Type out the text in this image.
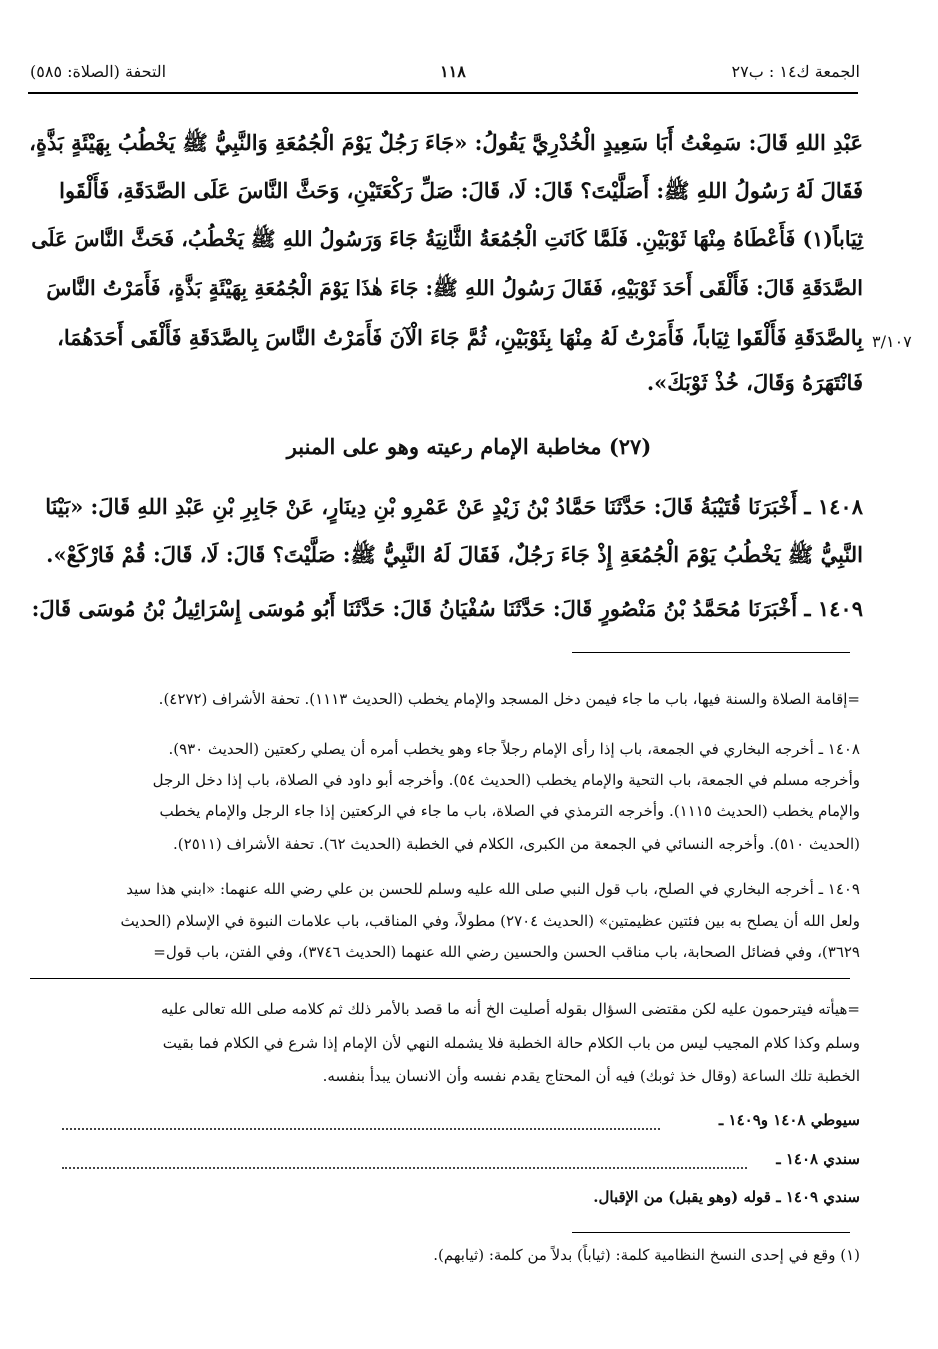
الجمعة ك١٤ : ب٢٧
١١٨
التحفة (الصلاة: ٥٨٥)
عَبْدِ اللهِ قَالَ: سَمِعْتُ أَبَا سَعِيدٍ الْخُدْرِيَّ يَقُولُ: «جَاءَ رَجُلٌ يَوْمَ الْجُمُعَةِ وَالنَّبِيُّ ﷺ يَخْطُبُ بِهَيْئَةٍ بَذَّةٍ،
فَقَالَ لَهُ رَسُولُ اللهِ ﷺ: أَصَلَّيْتَ؟ قَالَ: لَا، قَالَ: صَلِّ رَكْعَتَيْنِ، وَحَثَّ النَّاسَ عَلَى الصَّدَقَةِ، فَأَلْقَوا
ثِيَاباً(١) فَأَعْطَاهُ مِنْهَا ثَوْبَيْنِ. فَلَمَّا كَانَتِ الْجُمُعَةُ الثَّانِيَةُ جَاءَ وَرَسُولُ اللهِ ﷺ يَخْطُبُ، فَحَثَّ النَّاسَ عَلَى
الصَّدَقَةِ قَالَ: فَأَلْقَى أَحَدَ ثَوْبَيْهِ، فَقَالَ رَسُولُ اللهِ ﷺ: جَاءَ هٰذَا يَوْمَ الْجُمُعَةِ بِهَيْئَةٍ بَذَّةٍ، فَأَمَرْتُ النَّاسَ
بِالصَّدَقَةِ فَأَلْقَوا ثِيَاباً، فَأَمَرْتُ لَهُ مِنْهَا بِثَوْبَيْنِ، ثُمَّ جَاءَ الْآنَ فَأَمَرْتُ النَّاسَ بِالصَّدَقَةِ فَأَلْقَى أَحَدَهُمَا، ٣/١٠٧
فَانْتَهَرَهُ وَقَالَ، خُذْ ثَوْبَكَ».
(٢٧) مخاطبة الإمام رعيته وهو على المنبر
١٤٠٨ ـ أَخْبَرَنَا قُتَيْبَةُ قَالَ: حَدَّثَنَا حَمَّادُ بْنُ زَيْدٍ عَنْ عَمْرِو بْنِ دِينَارٍ، عَنْ جَابِرِ بْنِ عَبْدِ اللهِ قَالَ: «بَيْنَا
النَّبِيُّ ﷺ يَخْطُبُ يَوْمَ الْجُمُعَةِ إِذْ جَاءَ رَجُلٌ، فَقَالَ لَهُ النَّبِيُّ ﷺ: صَلَّيْتَ؟ قَالَ: لَا، قَالَ: قُمْ فَارْكَعْ».
١٤٠٩ ـ أَخْبَرَنَا مُحَمَّدُ بْنُ مَنْصُورٍ قَالَ: حَدَّثَنَا سُفْيَانُ قَالَ: حَدَّثَنَا أَبُو مُوسَى إِسْرَائِيلُ بْنُ مُوسَى قَالَ:
=إقامة الصلاة والسنة فيها، باب ما جاء فيمن دخل المسجد والإمام يخطب (الحديث ١١١٣). تحفة الأشراف (٤٢٧٢).
١٤٠٨ ـ أخرجه البخاري في الجمعة، باب إذا رأى الإمام رجلاً جاء وهو يخطب أمره أن يصلي ركعتين (الحديث ٩٣٠).
وأخرجه مسلم في الجمعة، باب التحية والإمام يخطب (الحديث ٥٤). وأخرجه أبو داود في الصلاة، باب إذا دخل الرجل
والإمام يخطب (الحديث ١١١٥). وأخرجه الترمذي في الصلاة، باب ما جاء في الركعتين إذا جاء الرجل والإمام يخطب
(الحديث ٥١٠). وأخرجه النسائي في الجمعة من الكبرى، الكلام في الخطبة (الحديث ٦٢). تحفة الأشراف (٢٥١١).
١٤٠٩ ـ أخرجه البخاري في الصلح، باب قول النبي صلى الله عليه وسلم للحسن بن علي رضي الله عنهما: «ابني هذا سيد
ولعل الله أن يصلح به بين فئتين عظيمتين» (الحديث ٢٧٠٤) مطولاً، وفي المناقب، باب علامات النبوة في الإسلام (الحديث
٣٦٢٩)، وفي فضائل الصحابة، باب مناقب الحسن والحسين رضي الله عنهما (الحديث ٣٧٤٦)، وفي الفتن، باب قول=
=هيأته فيترحمون عليه لكن مقتضى السؤال بقوله أصليت الخ أنه ما قصد بالأمر ذلك ثم كلامه صلى الله تعالى عليه
وسلم وكذا كلام المجيب ليس من باب الكلام حالة الخطبة فلا يشمله النهي لأن الإمام إذا شرع في الكلام فما بقيت
الخطبة تلك الساعة (وقال خذ ثوبك) فيه أن المحتاج يقدم نفسه وأن الانسان يبدأ بنفسه.
سيوطي ١٤٠٨ و١٤٠٩ ـ
سندي ١٤٠٨ ـ
سندي ١٤٠٩ ـ قوله (وهو يقبل) من الإقبال.
(١) وقع في إحدى النسخ النظامية كلمة: (ثياباً) بدلاً من كلمة: (ثيابهم).
